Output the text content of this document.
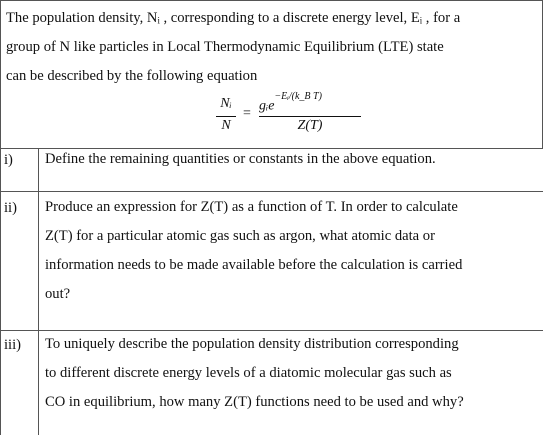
The population density, Nᵢ , corresponding to a discrete energy level, Eᵢ , for a
group of N like particles in Local Thermodynamic Equilibrium (LTE) state
can be described by the following equation
Nᵢ
N
= gᵢe$^{-Eᵢ/(k\_B T)}$
Z(T)
i) Define the remaining quantities or constants in the above equation.
ii) Produce an expression for Z(T) as a function of T. In order to calculate
Z(T) for a particular atomic gas such as argon, what atomic data or
information needs to be made available before the calculation is carried
out?
iii) To uniquely describe the population density distribution corresponding
to different discrete energy levels of a diatomic molecular gas such as
CO in equilibrium, how many Z(T) functions need to be used and why?
